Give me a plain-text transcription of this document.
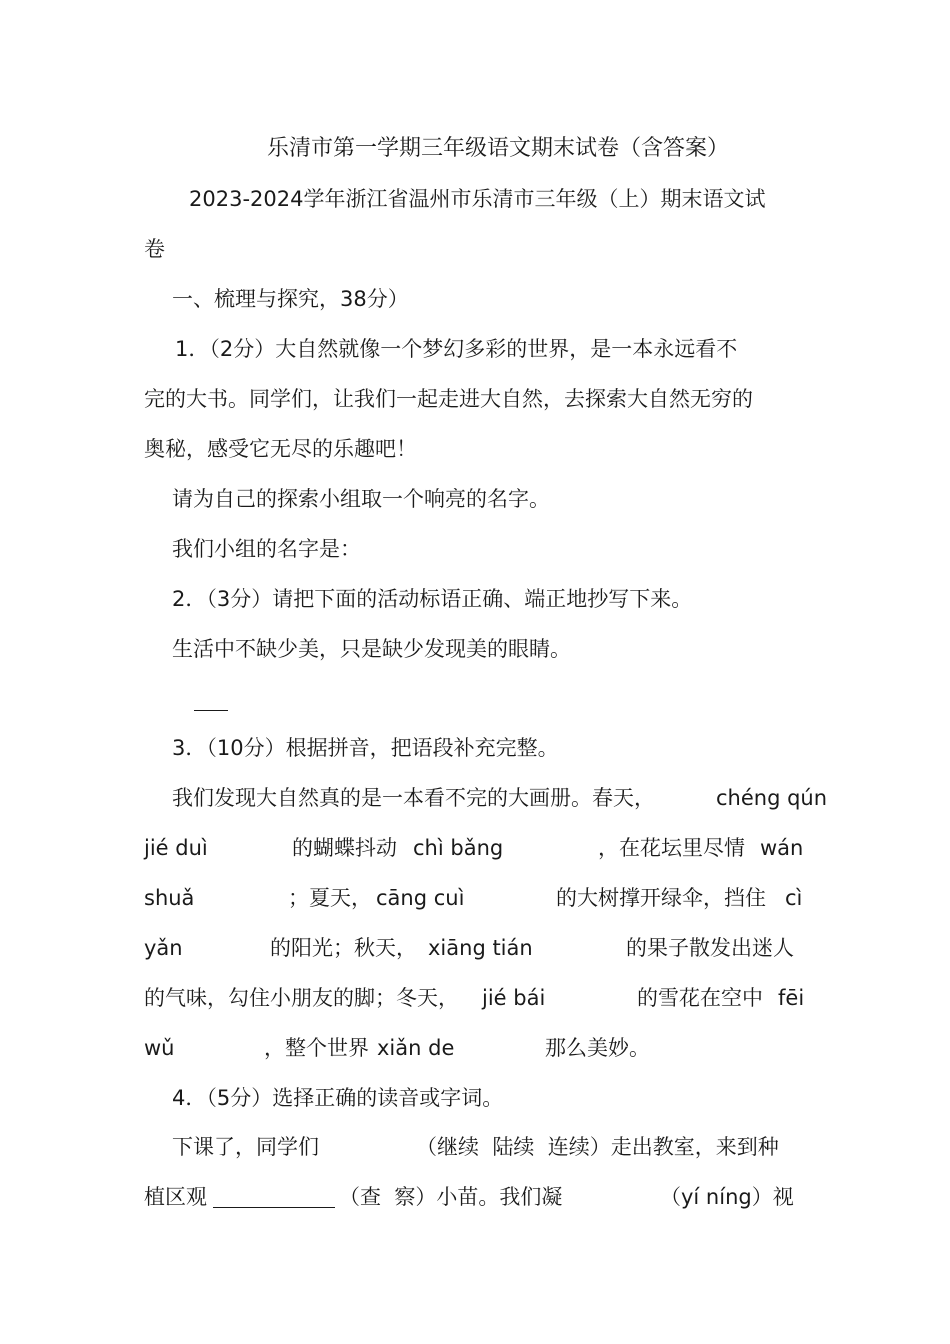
乐清市第一学期三年级语文期末试卷（含答案）
2023-2024学年浙江省温州市乐清市三年级（上）期末语文试
卷
一、梳理与探究，38分）
1．（2分）大自然就像一个梦幻多彩的世界，是一本永远看不
完的大书。同学们，让我们一起走进大自然，去探索大自然无穷的
奥秘，感受它无尽的乐趣吧！
请为自己的探索小组取一个响亮的名字。
我们小组的名字是：
2．（3分）请把下面的活动标语正确、端正地抄写下来。
生活中不缺少美，只是缺少发现美的眼睛。
3．（10分）根据拼音，把语段补充完整。
我们发现大自然真的是一本看不完的大画册。春天，	chéng qún
jié duì	的蝴蝶抖动 chì bǎng	，在花坛里尽情 wán
shuǎ	；夏天， cāng cuì	的大树撑开绿伞，挡住 cì
yǎn	的阳光；秋天， xiāng tián	的果子散发出迷人
的气味，勾住小朋友的脚；冬天， jié bái	的雪花在空中 fēi
wǔ	，整个世界 xiǎn de	那么美妙。
4．（5分）选择正确的读音或字词。
下课了，同学们	（继续  陆续  连续）走出教室，来到种
植区观	（查  察）小苗。我们凝	（yí níng）视
